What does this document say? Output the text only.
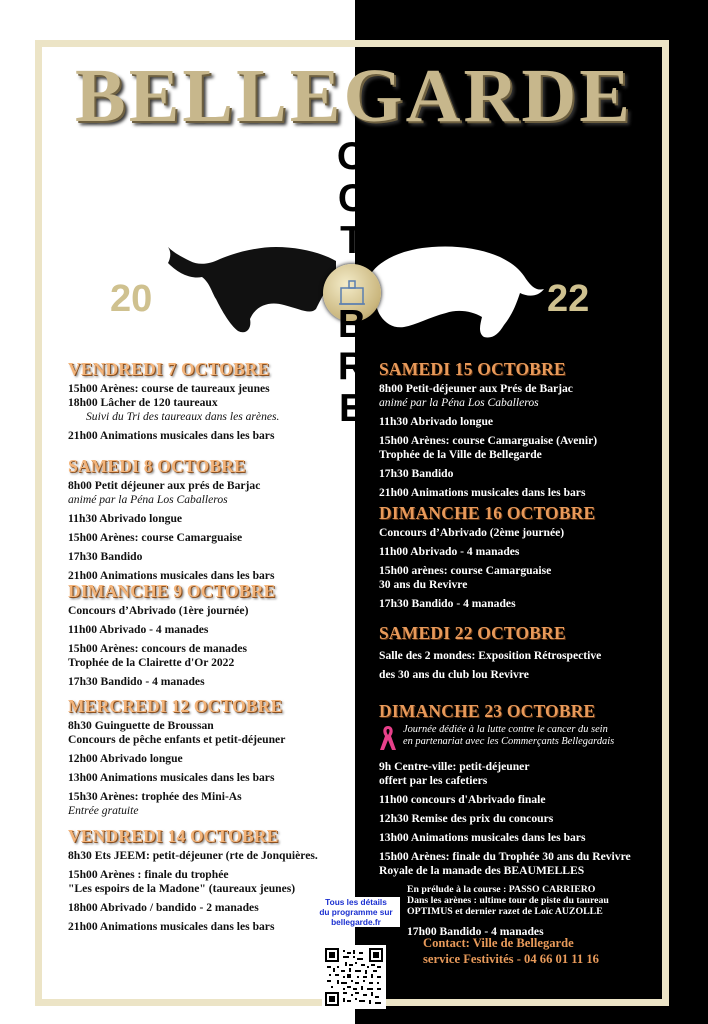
BELLEGARDE
20	22
O
C
T
B
R
E
VENDREDI 7 OCTOBRE
15h00 Arènes: course de taureaux jeunes
18h00 Lâcher de 120 taureaux
Suivi du Tri des taureaux dans les arènes.
21h00 Animations musicales dans les bars
SAMEDI 8 OCTOBRE
8h00 Petit déjeuner aux prés de Barjac
animé par la Péna Los Caballeros
11h30 Abrivado longue
15h00 Arènes: course Camarguaise
17h30 Bandido
21h00 Animations musicales dans les bars
DIMANCHE 9 OCTOBRE
Concours d’Abrivado (1ère journée)
11h00 Abrivado - 4 manades
15h00 Arènes: concours de manades
Trophée de la Clairette d'Or 2022
17h30 Bandido - 4 manades
MERCREDI 12 OCTOBRE
8h30 Guinguette de Broussan
Concours de pêche enfants et petit-déjeuner
12h00 Abrivado longue
13h00 Animations musicales dans les bars
15h30 Arènes: trophée des Mini-As
Entrée gratuite
VENDREDI 14 OCTOBRE
8h30 Ets JEEM: petit-déjeuner (rte de Jonquières.
15h00 Arènes : finale du trophée
"Les espoirs de la Madone" (taureaux jeunes)
18h00 Abrivado / bandido - 2 manades
21h00 Animations musicales dans les bars
SAMEDI 15 OCTOBRE
8h00 Petit-déjeuner aux Prés de Barjac
animé par la Péna Los Caballeros
11h30 Abrivado longue
15h00 Arènes: course Camarguaise (Avenir)
Trophée de la Ville de Bellegarde
17h30 Bandido
21h00 Animations musicales dans les bars
DIMANCHE 16 OCTOBRE
Concours d’Abrivado (2ème journée)
11h00 Abrivado - 4 manades
15h00 arènes: course Camarguaise
30 ans du Revivre
17h30 Bandido - 4 manades
SAMEDI 22 OCTOBRE
Salle des 2 mondes: Exposition Rétrospective
des 30 ans du club lou Revivre
DIMANCHE 23 OCTOBRE
Journée dédiée à la lutte contre le cancer du sein
en partenariat avec les Commerçants Bellegardais
9h Centre-ville: petit-déjeuner
offert par les cafetiers
11h00 concours d'Abrivado finale
12h30 Remise des prix du concours
13h00 Animations musicales dans les bars
15h00 Arènes: finale du Trophée 30 ans du Revivre
Royale de la manade des BEAUMELLES
En prélude à la course : PASSO CARRIERO
Dans les arènes : ultime tour de piste du taureau
OPTIMUS et dernier razet de Loïc AUZOLLE
17h00 Bandido - 4 manades
Tous les détails
du programme sur
bellegarde.fr
Contact: Ville de Bellegarde
service Festivités - 04 66 01 11 16
